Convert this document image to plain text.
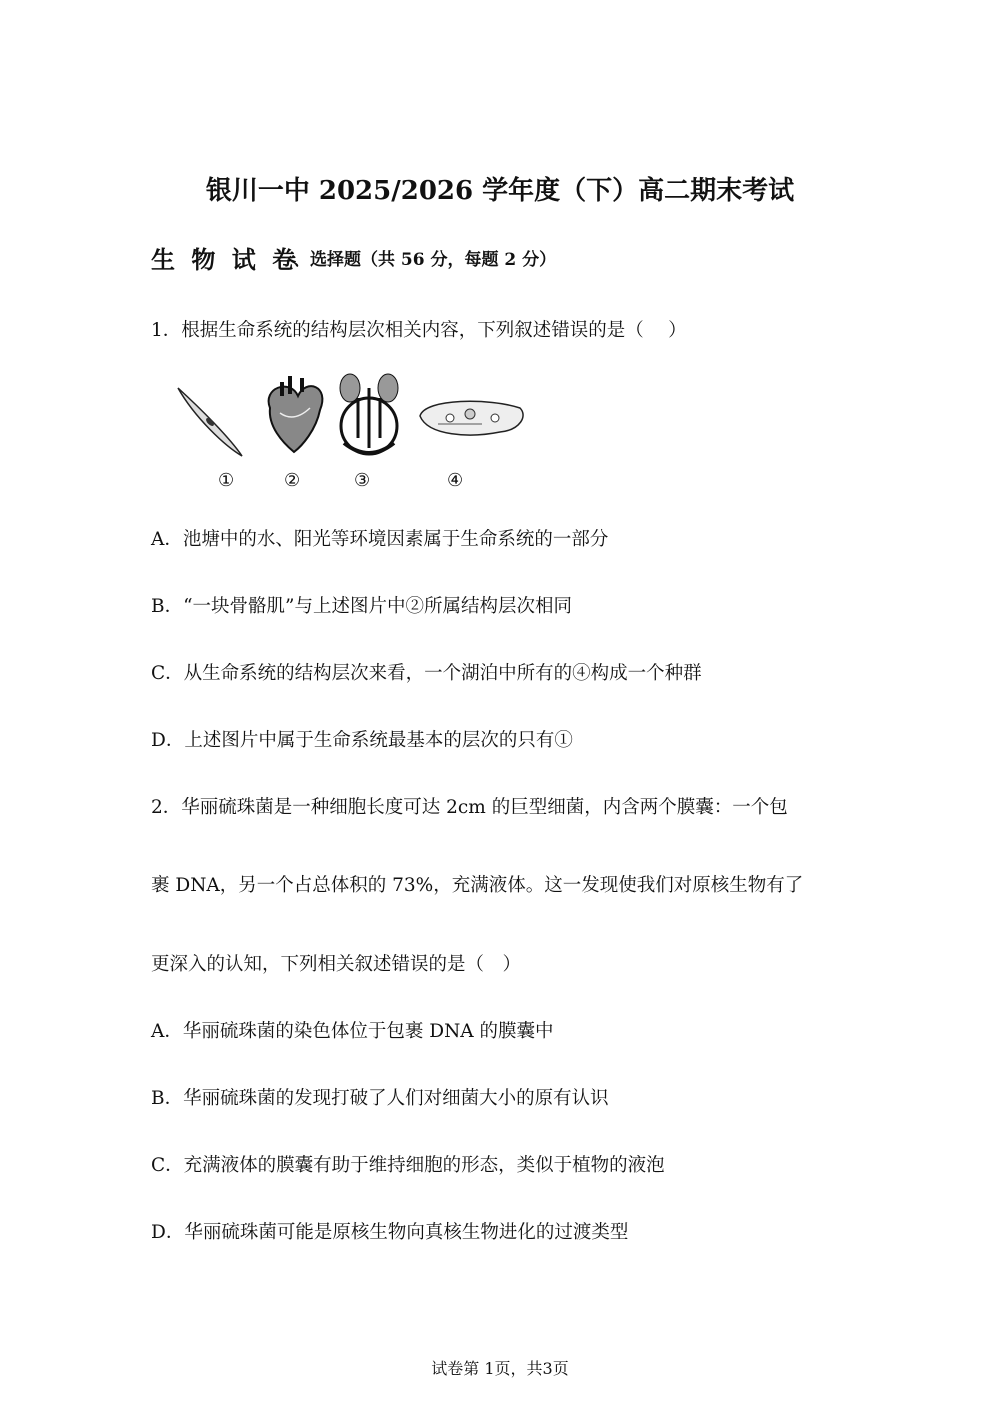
银川一中 2025/2026 学年度（下）高二期末考试
生 物 试 卷
一、选择题（共 56 分，每题 2 分）
1．根据生命系统的结构层次相关内容，下列叙述错误的是（　 ）
①	②	③	④
A．池塘中的水、阳光等环境因素属于生命系统的一部分
B．“一块骨骼肌”与上述图片中②所属结构层次相同
C．从生命系统的结构层次来看，一个湖泊中所有的④构成一个种群
D．上述图片中属于生命系统最基本的层次的只有①
2．华丽硫珠菌是一种细胞长度可达 2cm 的巨型细菌，内含两个膜囊：一个包
裹 DNA，另一个占总体积的 73%，充满液体。这一发现使我们对原核生物有了
更深入的认知，下列相关叙述错误的是（　）
A．华丽硫珠菌的染色体位于包裹 DNA 的膜囊中
B．华丽硫珠菌的发现打破了人们对细菌大小的原有认识
C．充满液体的膜囊有助于维持细胞的形态，类似于植物的液泡
D．华丽硫珠菌可能是原核生物向真核生物进化的过渡类型
试卷第 1页，共3页
